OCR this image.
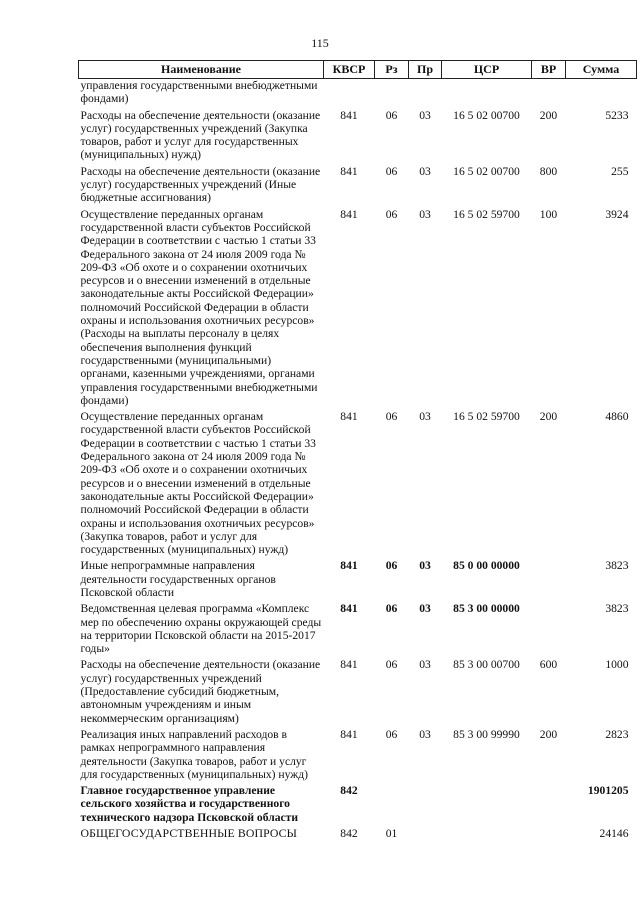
115
Наименование	КВСР	Рз	Пр	ЦСР	ВР	Сумма
управления государственными внебюджетными фондами)						
Расходы на обеспечение деятельности (оказание услуг) государственных учреждений (Закупка товаров, работ и услуг для государственных (муниципальных) нужд)	841	06	03	16 5 02 00700	200	5233
Расходы на обеспечение деятельности (оказание услуг) государственных учреждений (Иные бюджетные ассигнования)	841	06	03	16 5 02 00700	800	255
Осуществление переданных органам государственной власти субъектов Российской Федерации в соответствии с частью 1 статьи 33 Федерального закона от 24 июля 2009 года № 209-ФЗ «Об охоте и о сохранении охотничьих ресурсов и о внесении изменений в отдельные законодательные акты Российской Федерации» полномочий Российской Федерации в области охраны и использования охотничьих ресурсов» (Расходы на выплаты персоналу в целях обеспечения выполнения функций государственными (муниципальными) органами, казенными учреждениями, органами управления государственными внебюджетными фондами)	841	06	03	16 5 02 59700	100	3924
Осуществление переданных органам государственной власти субъектов Российской Федерации в соответствии с частью 1 статьи 33 Федерального закона от 24 июля 2009 года № 209-ФЗ «Об охоте и о сохранении охотничьих ресурсов и о внесении изменений в отдельные законодательные акты Российской Федерации» полномочий Российской Федерации в области охраны и использования охотничьих ресурсов» (Закупка товаров, работ и услуг для государственных (муниципальных) нужд)	841	06	03	16 5 02 59700	200	4860
Иные непрограммные направления деятельности государственных органов Псковской области	841	06	03	85 0 00 00000		3823
Ведомственная целевая программа «Комплекс мер по обеспечению охраны окружающей среды на территории Псковской области на 2015-2017 годы»	841	06	03	85 3 00 00000		3823
Расходы на обеспечение деятельности (оказание услуг) государственных учреждений (Предоставление субсидий бюджетным, автономным учреждениям и иным некоммерческим организациям)	841	06	03	85 3 00 00700	600	1000
Реализация иных направлений расходов в рамках непрограммного направления деятельности (Закупка товаров, работ и услуг для государственных (муниципальных) нужд)	841	06	03	85 3 00 99990	200	2823
Главное государственное управление сельского хозяйства и государственного технического надзора Псковской области	842					1901205
ОБЩЕГОСУДАРСТВЕННЫЕ ВОПРОСЫ	842	01				24146
